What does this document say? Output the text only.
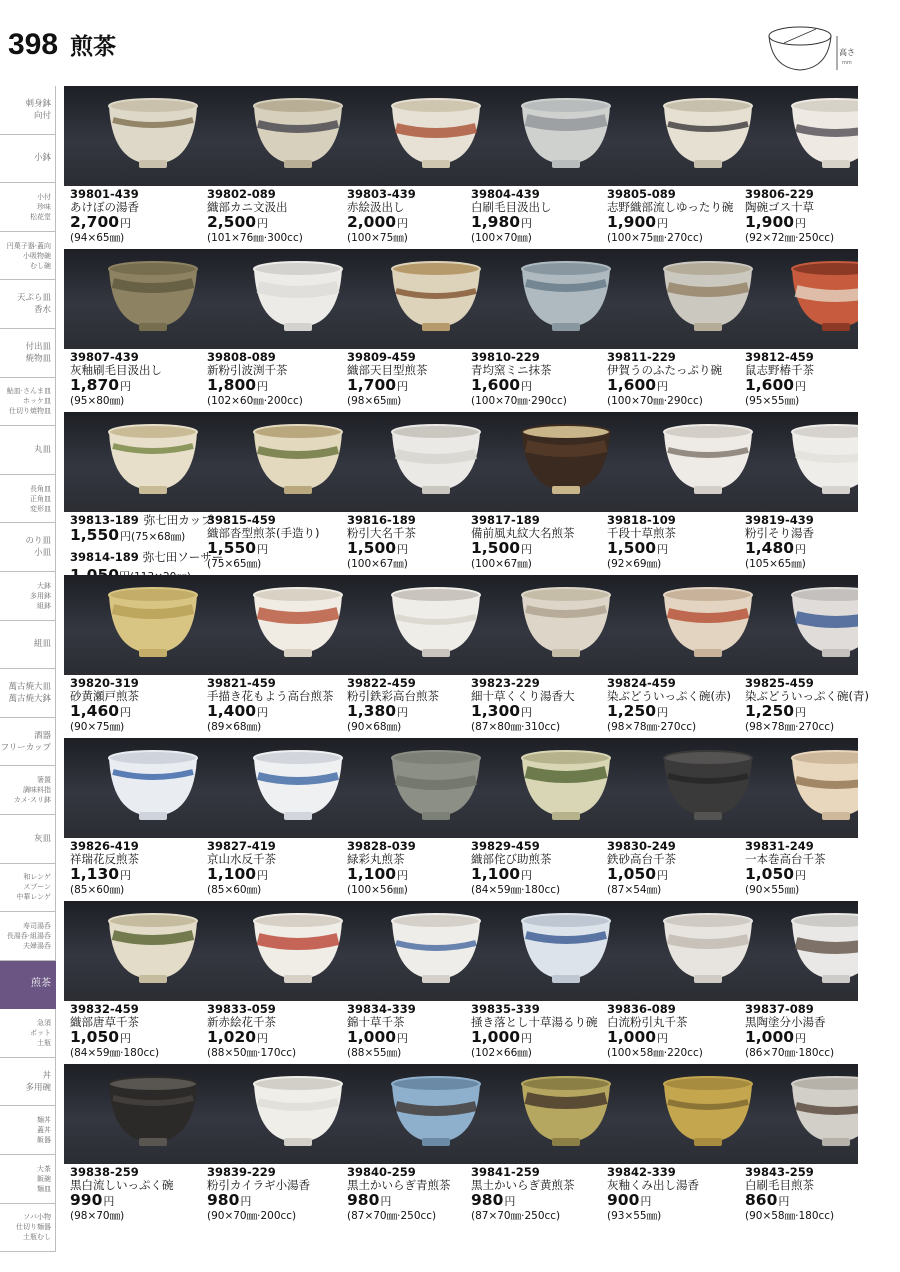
398 煎茶	高さ
mm
刺身鉢
向付
小鉢
小付
珍味
松花堂
円菓子器·蓋向
小吸物碗
むし碗
天ぷら皿
香水
付出皿
焼物皿
鮎皿·さんま皿
ホッケ皿
仕切り焼物皿
丸皿
長角皿
正角皿
変形皿
のり皿
小皿
大鉢
多用鉢
組鉢
組皿
萬古焼大皿
萬古焼大鉢
酒器
フリーカップ
箸置
調味料指
カメ·スリ鉢
灰皿
和レンゲ
スプーン
中華レンゲ
寿司湯呑
長湯呑·組湯呑
夫婦湯呑
煎茶
急須
ポット
土瓶
丼
多用碗
麺丼
蓋丼
飯器
大茶
飯碗
麺皿
ソバ小物
仕切り麺器
土瓶むし
39801-439
あけぼの湯香
2,700円
(94×65㎜)
39802-089
織部カニ文汲出
2,500円
(101×76㎜·300cc)
39803-439
赤絵汲出し
2,000円
(100×75㎜)
39804-439
白刷毛目汲出し
1,980円
(100×70㎜)
39805-089
志野織部流しゆったり碗
1,900円
(100×75㎜·270cc)
39806-229
陶碗ゴス十草
1,900円
(92×72㎜·250cc)
39807-439
灰釉刷毛目汲出し
1,870円
(95×80㎜)
39808-089
新粉引波渕千茶
1,800円
(102×60㎜·200cc)
39809-459
織部天目型煎茶
1,700円
(98×65㎜)
39810-229
青均窯ミニ抹茶
1,600円
(100×70㎜·290cc)
39811-229
伊賀うのふたっぷり碗
1,600円
(100×70㎜·290cc)
39812-459
鼠志野椿千茶
1,600円
(95×55㎜)
39813-189 弥七田カップ
1,550円(75×68㎜)
39814-189 弥七田ソーサー
39815-459
織部沓型煎茶(手造り)
1,550円
(75×65㎜)
39816-189
粉引大名千茶
1,500円
(100×67㎜)
39817-189
備前風丸紋大名煎茶
1,500円
(100×67㎜)
39818-109
千段十草煎茶
1,500円
(92×69㎜)
39819-439
粉引そり湯香
1,480円
(105×65㎜)
39820-319
砂黄瀬戸煎茶
1,460円
(90×75㎜)
39821-459
手描き花もよう高台煎茶
1,400円
(89×68㎜)
39822-459
粉引鉄彩高台煎茶
1,380円
(90×68㎜)
39823-229
細十草くくり湯香大
1,300円
(87×80㎜·310cc)
39824-459
染ぶどういっぷく碗(赤)
1,250円
(98×78㎜·270cc)
39825-459
染ぶどういっぷく碗(青)
1,250円
(98×78㎜·270cc)
39826-419
祥瑞花反煎茶
1,130円
(85×60㎜)
39827-419
京山水反千茶
1,100円
(85×60㎜)
39828-039
緑彩丸煎茶
1,100円
(100×56㎜)
39829-459
織部侘び助煎茶
1,100円
(84×59㎜·180cc)
39830-249
鉄砂高台千茶
1,050円
(87×54㎜)
39831-249
一本巻高台千茶
1,050円
(90×55㎜)
39832-459
織部唐草千茶
1,050円
(84×59㎜·180cc)
39833-059
新赤絵花千茶
1,020円
(88×50㎜·170cc)
39834-339
錦十草千茶
1,000円
(88×55㎜)
39835-339
掻き落とし十草湯るり碗
1,000円
(102×66㎜)
39836-089
白流粉引丸千茶
1,000円
(100×58㎜·220cc)
39837-089
黒陶塗分小湯香
1,000円
(86×70㎜·180cc)
39838-259
黒白流しいっぷく碗
990円
(98×70㎜)
39839-229
粉引カイラギ小湯香
980円
(90×70㎜·200cc)
39840-259
黒土かいらぎ青煎茶
980円
(87×70㎜·250cc)
39841-259
黒土かいらぎ黄煎茶
980円
(87×70㎜·250cc)
39842-339
灰釉くみ出し湯香
900円
(93×55㎜)
39843-259
白刷毛目煎茶
860円
(90×58㎜·180cc)
